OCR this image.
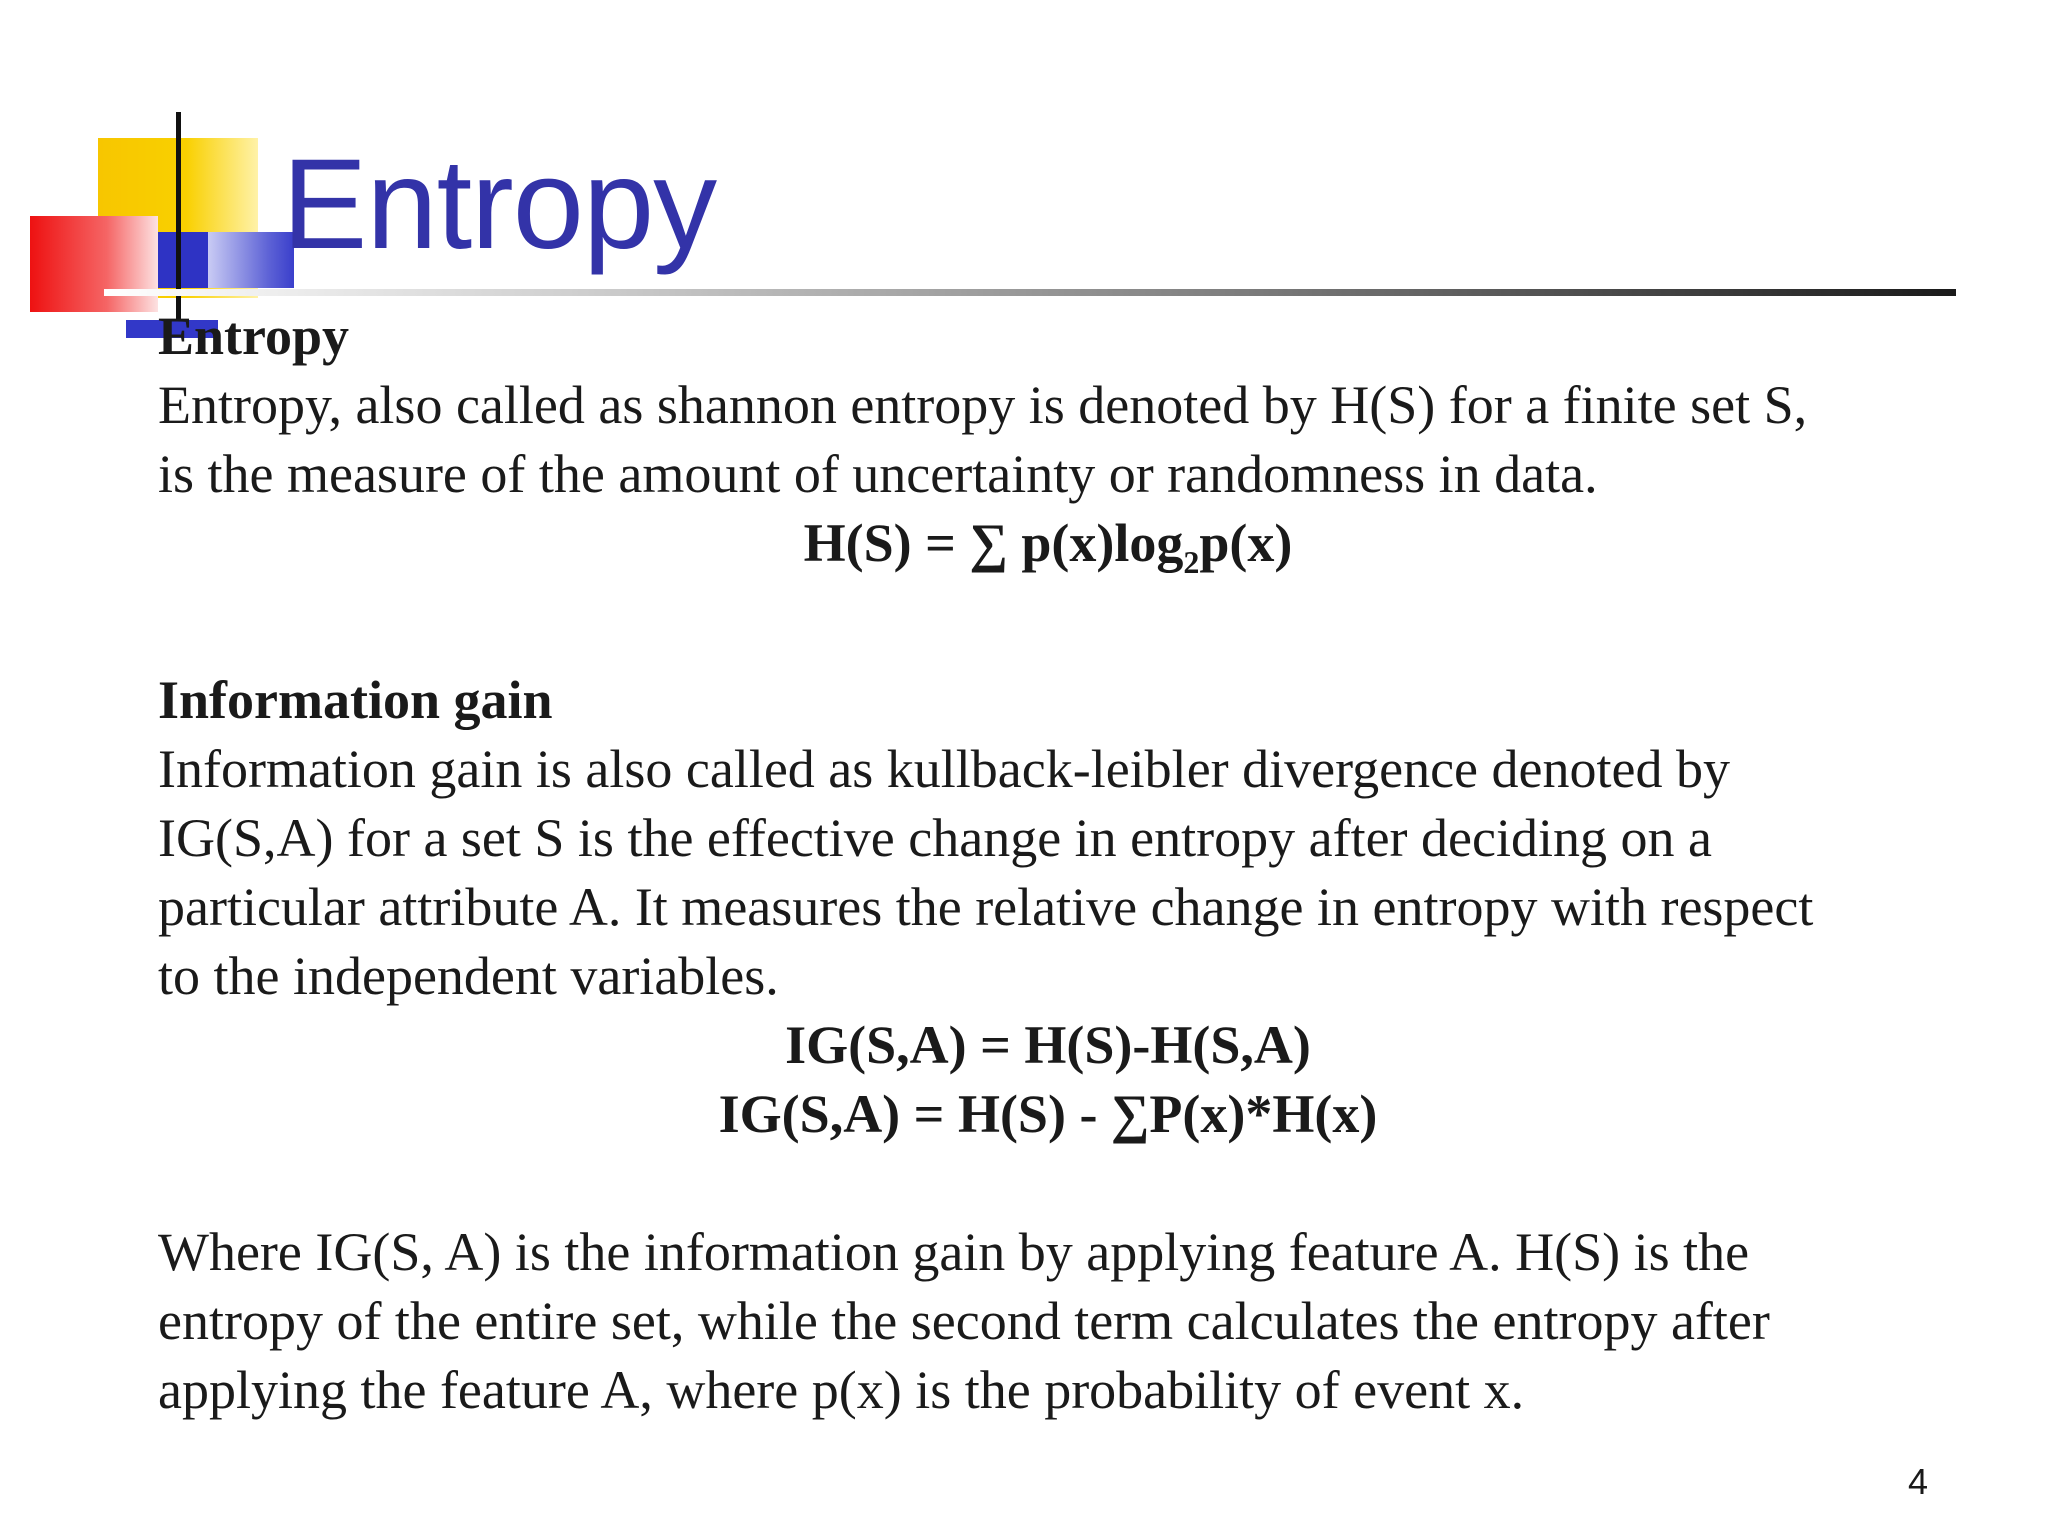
Entropy

Entropy

Entropy, also called as shannon entropy is denoted by H(S) for a finite set S,

is the measure of the amount of uncertainty or randomness in data.

H(S) = ∑ $p(x)\log_2p(x)$

Information gain

Information gain is also called as kullback-leibler divergence denoted by

IG(S,A) for a set S is the effective change in entropy after deciding on a

particular attribute A. It measures the relative change in entropy with respect

to the independent variables.

IG(S,A) = H(S)-H(S,A)

IG(S,A) = H(S) - ∑P(x)*H(x)

Where IG(S, A) is the information gain by applying feature A. H(S) is the

entropy of the entire set, while the second term calculates the entropy after

applying the feature A, where p(x) is the probability of event x.

4
